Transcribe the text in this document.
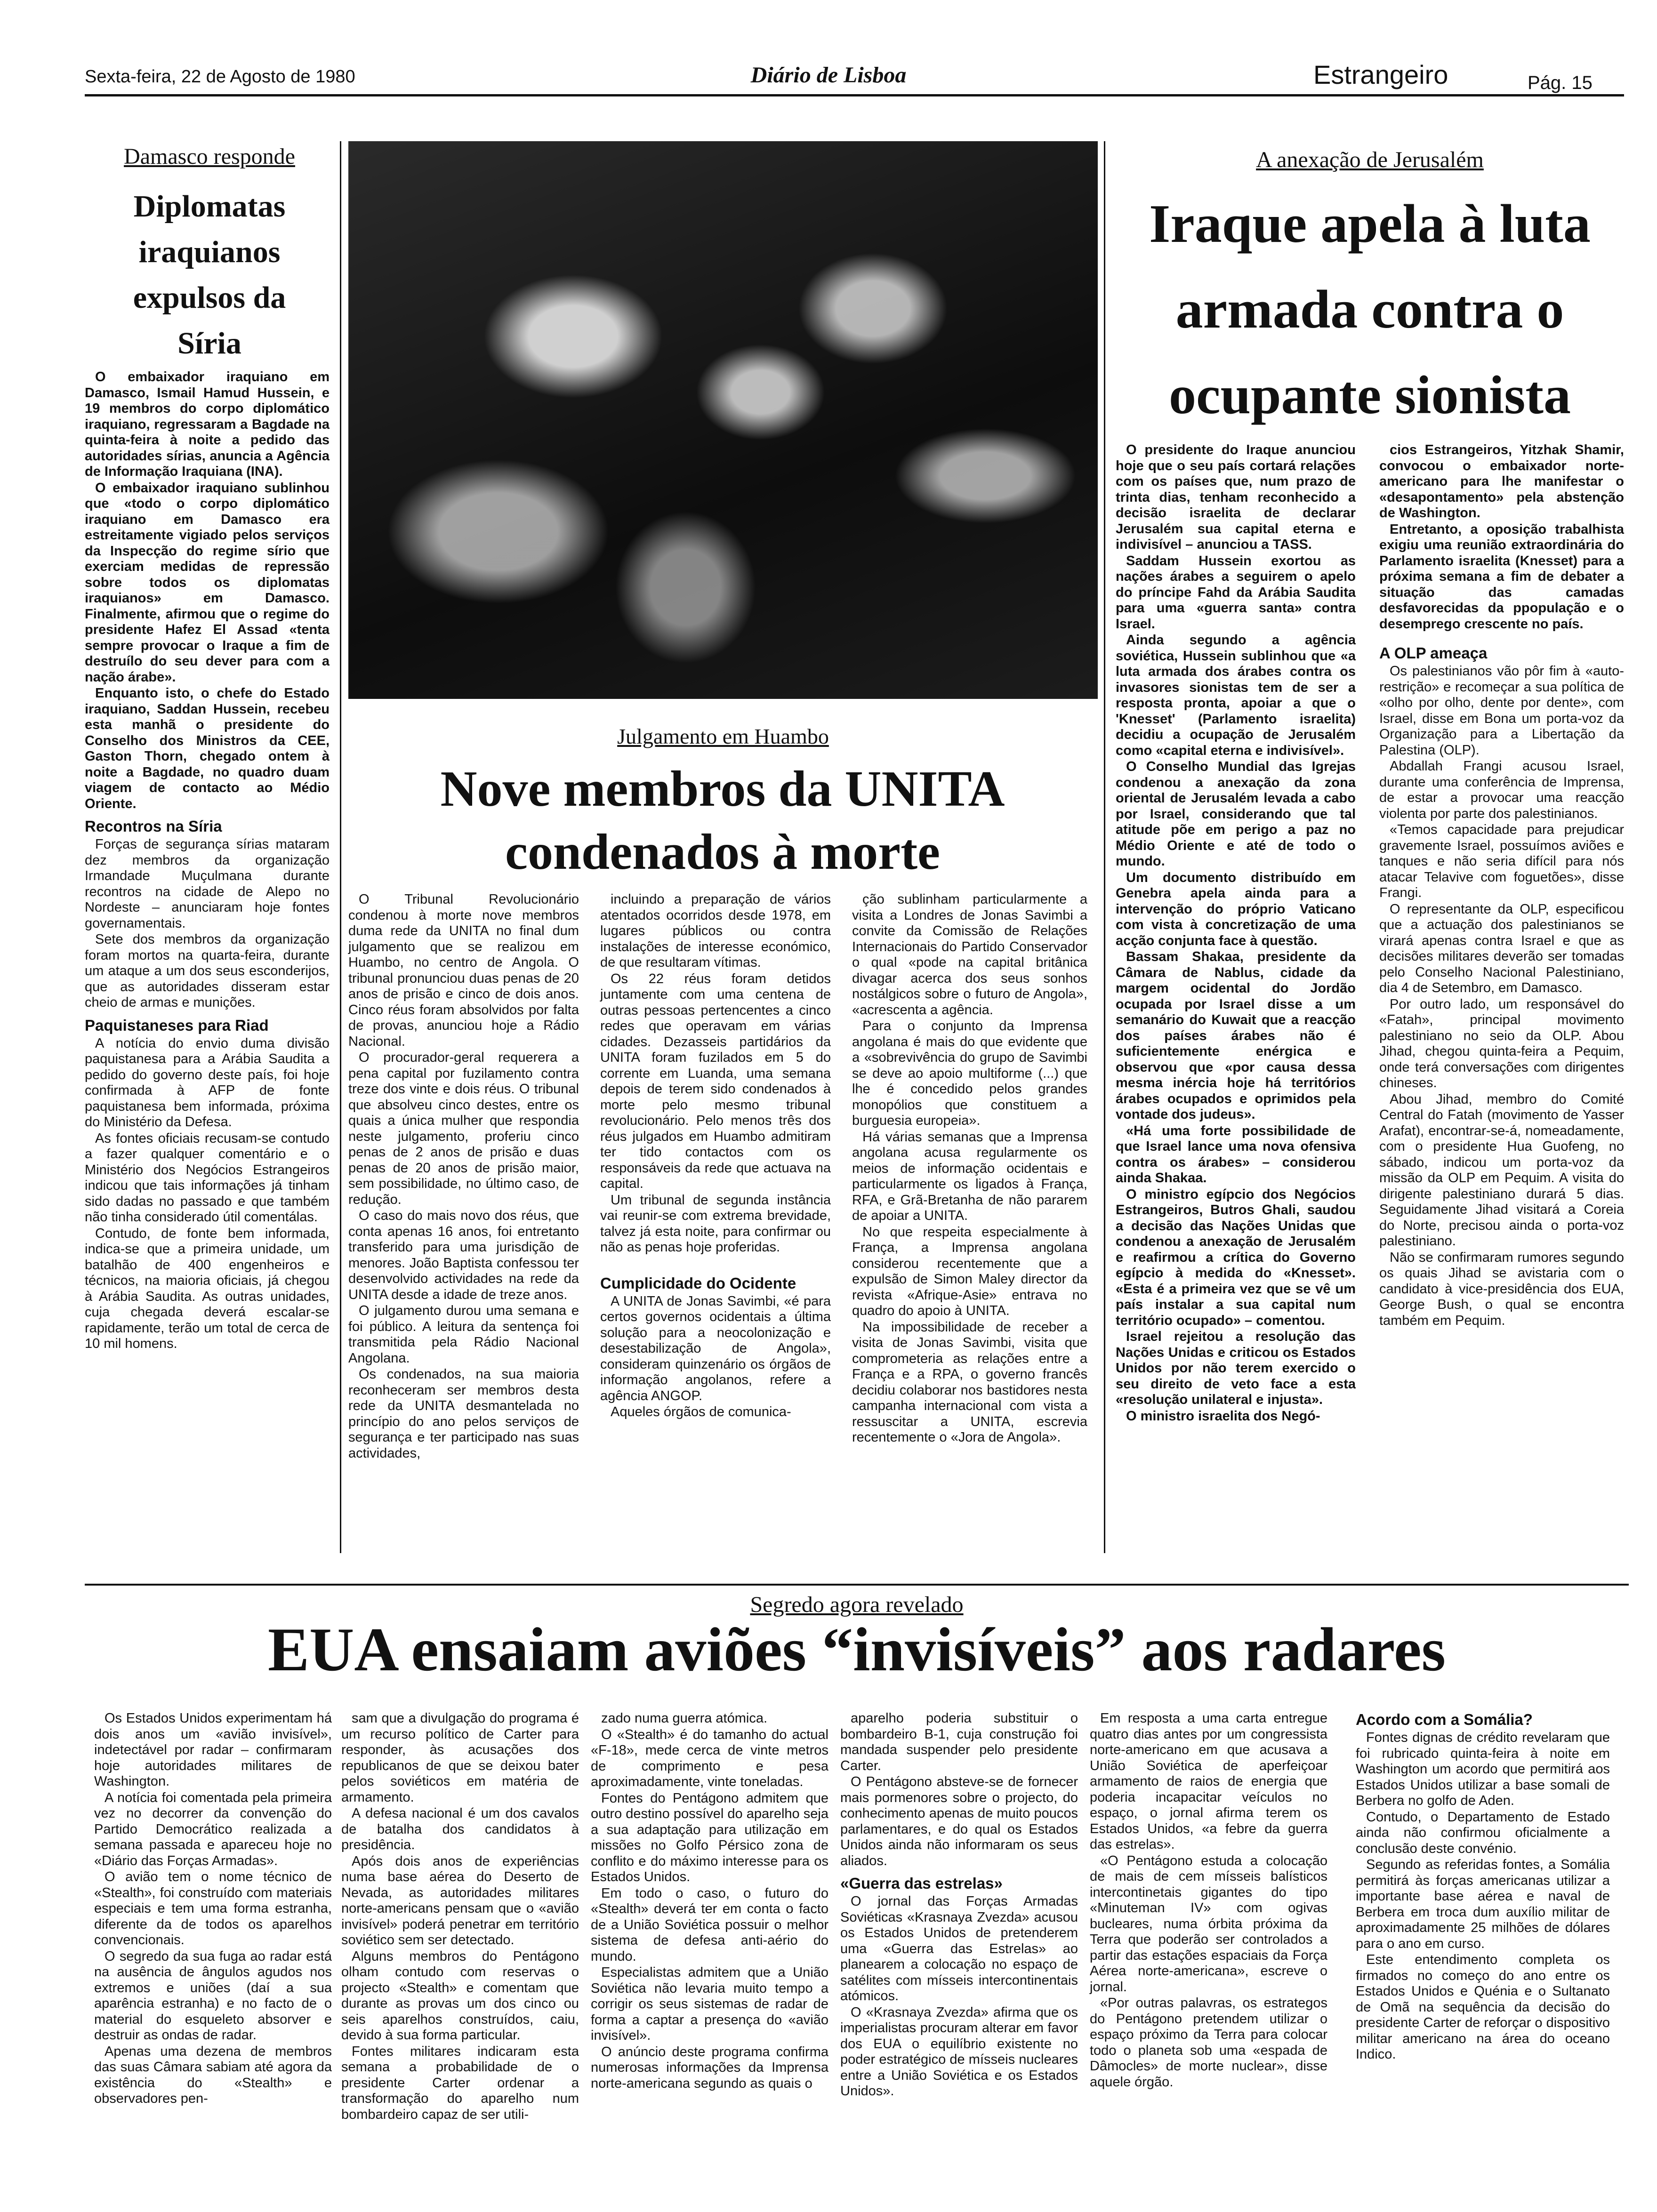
Sexta-feira, 22 de Agosto de 1980	Diário de Lisboa	Estrangeiro	Pág. 15
Damasco responde
Diplomatas iraquianos expulsos da Síria

O embaixador iraquiano em Damasco, Ismail Hamud Hussein, e 19 membros do corpo diplomático iraquiano, regressaram a Bagdade na quinta-feira à noite a pedido das autoridades sírias, anuncia a Agência de Informação Iraquiana (INA).

O embaixador iraquiano sublinhou que «todo o corpo diplomático iraquiano em Damasco era estreitamente vigiado pelos serviços da Inspecção do regime sírio que exerciam medidas de repressão sobre todos os diplomatas iraquianos» em Damasco. Finalmente, afirmou que o regime do presidente Hafez El Assad «tenta sempre provocar o Iraque a fim de destruílo do seu dever para com a nação árabe».

Enquanto isto, o chefe do Estado iraquiano, Saddan Hussein, recebeu esta manhã o presidente do Conselho dos Ministros da CEE, Gaston Thorn, chegado ontem à noite a Bagdade, no quadro duam viagem de contacto ao Médio Oriente.

Recontros na Síria

Forças de segurança sírias mataram dez membros da organização Irmandade Muçulmana durante recontros na cidade de Alepo no Nordeste – anunciaram hoje fontes governamentais.

Sete dos membros da organização foram mortos na quarta-feira, durante um ataque a um dos seus esconderijos, que as autoridades disseram estar cheio de armas e munições.

Paquistaneses para Riad

A notícia do envio duma divisão paquistanesa para a Arábia Saudita a pedido do governo deste país, foi hoje confirmada à AFP de fonte paquistanesa bem informada, próxima do Ministério da Defesa.

As fontes oficiais recusam-se contudo a fazer qualquer comentário e o Ministério dos Negócios Estrangeiros indicou que tais informações já tinham sido dadas no passado e que também não tinha considerado útil comentálas.

Contudo, de fonte bem informada, indica-se que a primeira unidade, um batalhão de 400 engenheiros e técnicos, na maioria oficiais, já chegou à Arábia Saudita. As outras unidades, cuja chegada deverá escalar-se rapidamente, terão um total de cerca de 10 mil homens.

Julgamento em Huambo
Nove membros da UNITA condenados à morte

O Tribunal Revolucionário condenou à morte nove membros duma rede da UNITA no final dum julgamento que se realizou em Huambo, no centro de Angola. O tribunal pronunciou duas penas de 20 anos de prisão e cinco de dois anos. Cinco réus foram absolvidos por falta de provas, anunciou hoje a Rádio Nacional.

O procurador-geral requerera a pena capital por fuzilamento contra treze dos vinte e dois réus. O tribunal que absolveu cinco destes, entre os quais a única mulher que respondia neste julgamento, proferiu cinco penas de 2 anos de prisão e duas penas de 20 anos de prisão maior, sem possibilidade, no último caso, de redução.

O caso do mais novo dos réus, que conta apenas 16 anos, foi entretanto transferido para uma jurisdição de menores. João Baptista confessou ter desenvolvido actividades na rede da UNITA desde a idade de treze anos.

O julgamento durou uma semana e foi público. A leitura da sentença foi transmitida pela Rádio Nacional Angolana.

Os condenados, na sua maioria reconheceram ser membros desta rede da UNITA desmantelada no princípio do ano pelos serviços de segurança e ter participado nas suas actividades,

incluindo a preparação de vários atentados ocorridos desde 1978, em lugares públicos ou contra instalações de interesse económico, de que resultaram vítimas.

Os 22 réus foram detidos juntamente com uma centena de outras pessoas pertencentes a cinco redes que operavam em várias cidades. Dezasseis partidários da UNITA foram fuzilados em 5 do corrente em Luanda, uma semana depois de terem sido condenados à morte pelo mesmo tribunal revolucionário. Pelo menos três dos réus julgados em Huambo admitiram ter tido contactos com os responsáveis da rede que actuava na capital.

Um tribunal de segunda instância vai reunir-se com extrema brevidade, talvez já esta noite, para confirmar ou não as penas hoje proferidas.

Cumplicidade do Ocidente

A UNITA de Jonas Savimbi, «é para certos governos ocidentais a última solução para a neocolonização e desestabilização de Angola», consideram quinzenário os órgãos de informação angolanos, refere a agência ANGOP.

Aqueles órgãos de comunica-

ção sublinham particularmente a visita a Londres de Jonas Savimbi a convite da Comissão de Relações Internacionais do Partido Conservador o qual «pode na capital britânica divagar acerca dos seus sonhos nostálgicos sobre o futuro de Angola», «acrescenta a agência.

Para o conjunto da Imprensa angolana é mais do que evidente que a «sobrevivência do grupo de Savimbi se deve ao apoio multiforme (...) que lhe é concedido pelos grandes monopólios que constituem a burguesia europeia».

Há várias semanas que a Imprensa angolana acusa regularmente os meios de informação ocidentais e particularmente os ligados à França, RFA, e Grã-Bretanha de não pararem de apoiar a UNITA.

No que respeita especialmente à França, a Imprensa angolana considerou recentemente que a expulsão de Simon Maley director da revista «Afrique-Asie» entrava no quadro do apoio à UNITA.

Na impossibilidade de receber a visita de Jonas Savimbi, visita que comprometeria as relações entre a França e a RPA, o governo francês decidiu colaborar nos bastidores nesta campanha internacional com vista a ressuscitar a UNITA, escrevia recentemente o «Jora de Angola».

A anexação de Jerusalém
Iraque apela à luta armada contra o ocupante sionista

O presidente do Iraque anunciou hoje que o seu país cortará relações com os países que, num prazo de trinta dias, tenham reconhecido a decisão israelita de declarar Jerusalém sua capital eterna e indivisível – anunciou a TASS.

Saddam Hussein exortou as nações árabes a seguirem o apelo do príncipe Fahd da Arábia Saudita para uma «guerra santa» contra Israel.

Ainda segundo a agência soviética, Hussein sublinhou que «a luta armada dos árabes contra os invasores sionistas tem de ser a resposta pronta, apoiar a que o 'Knesset' (Parlamento israelita) decidiu a ocupação de Jerusalém como «capital eterna e indivisível».

O Conselho Mundial das Igrejas condenou a anexação da zona oriental de Jerusalém levada a cabo por Israel, considerando que tal atitude põe em perigo a paz no Médio Oriente e até de todo o mundo.

Um documento distribuído em Genebra apela ainda para a intervenção do próprio Vaticano com vista à concretização de uma acção conjunta face à questão.

Bassam Shakaa, presidente da Câmara de Nablus, cidade da margem ocidental do Jordão ocupada por Israel disse a um semanário do Kuwait que a reacção dos países árabes não é suficientemente enérgica e observou que «por causa dessa mesma inércia hoje há territórios árabes ocupados e oprimidos pela vontade dos judeus».

«Há uma forte possibilidade de que Israel lance uma nova ofensiva contra os árabes» – considerou ainda Shakaa.

O ministro egípcio dos Negócios Estrangeiros, Butros Ghali, saudou a decisão das Nações Unidas que condenou a anexação de Jerusalém e reafirmou a crítica do Governo egípcio à medida do «Knesset». «Esta é a primeira vez que se vê um país instalar a sua capital num território ocupado» – comentou.

Israel rejeitou a resolução das Nações Unidas e criticou os Estados Unidos por não terem exercido o seu direito de veto face a esta «resolução unilateral e injusta».

O ministro israelita dos Negó-

cios Estrangeiros, Yitzhak Shamir, convocou o embaixador norte-americano para lhe manifestar o «desapontamento» pela abstenção de Washington.

Entretanto, a oposição trabalhista exigiu uma reunião extraordinária do Parlamento israelita (Knesset) para a próxima semana a fim de debater a situação das camadas desfavorecidas da ppopulação e o desemprego crescente no país.

A OLP ameaça

Os palestinianos vão pôr fim à «auto-restrição» e recomeçar a sua política de «olho por olho, dente por dente», com Israel, disse em Bona um porta-voz da Organização para a Libertação da Palestina (OLP).

Abdallah Frangi acusou Israel, durante uma conferência de Imprensa, de estar a provocar uma reacção violenta por parte dos palestinianos.

«Temos capacidade para prejudicar gravemente Israel, possuímos aviões e tanques e não seria difícil para nós atacar Telavive com foguetões», disse Frangi.

O representante da OLP, especificou que a actuação dos palestinianos se virará apenas contra Israel e que as decisões militares deverão ser tomadas pelo Conselho Nacional Palestiniano, dia 4 de Setembro, em Damasco.

Por outro lado, um responsável do «Fatah», principal movimento palestiniano no seio da OLP. Abou Jihad, chegou quinta-feira a Pequim, onde terá conversações com dirigentes chineses.

Abou Jihad, membro do Comité Central do Fatah (movimento de Yasser Arafat), encontrar-se-á, nomeadamente, com o presidente Hua Guofeng, no sábado, indicou um porta-voz da missão da OLP em Pequim. A visita do dirigente palestiniano durará 5 dias. Seguidamente Jihad visitará a Coreia do Norte, precisou ainda o porta-voz palestiniano.

Não se confirmaram rumores segundo os quais Jihad se avistaria com o candidato à vice-presidência dos EUA, George Bush, o qual se encontra também em Pequim.

Segredo agora revelado
EUA ensaiam aviões “invisíveis” aos radares

Os Estados Unidos experimentam há dois anos um «avião invisível», indetectável por radar – confirmaram hoje autoridades militares de Washington.

A notícia foi comentada pela primeira vez no decorrer da convenção do Partido Democrático realizada a semana passada e apareceu hoje no «Diário das Forças Armadas».

O avião tem o nome técnico de «Stealth», foi construído com materiais especiais e tem uma forma estranha, diferente da de todos os aparelhos convencionais.

O segredo da sua fuga ao radar está na ausência de ângulos agudos nos extremos e uniões (daí a sua aparência estranha) e no facto de o material do esqueleto absorver e destruir as ondas de radar.

Apenas uma dezena de membros das suas Câmara sabiam até agora da existência do «Stealth» e observadores pen-

sam que a divulgação do programa é um recurso político de Carter para responder, às acusações dos republicanos de que se deixou bater pelos soviéticos em matéria de armamento.

A defesa nacional é um dos cavalos de batalha dos candidatos à presidência.

Após dois anos de experiências numa base aérea do Deserto de Nevada, as autoridades militares norte-americans pensam que o «avião invisível» poderá penetrar em território soviético sem ser detectado.

Alguns membros do Pentágono olham contudo com reservas o projecto «Stealth» e comentam que durante as provas um dos cinco ou seis aparelhos construídos, caiu, devido à sua forma particular.

Fontes militares indicaram esta semana a probabilidade de o presidente Carter ordenar a transformação do aparelho num bombardeiro capaz de ser utili-

zado numa guerra atómica.

O «Stealth» é do tamanho do actual «F-18», mede cerca de vinte metros de comprimento e pesa aproximadamente, vinte toneladas.

Fontes do Pentágono admitem que outro destino possível do aparelho seja a sua adaptação para utilização em missões no Golfo Pérsico zona de conflito e do máximo interesse para os Estados Unidos.

Em todo o caso, o futuro do «Stealth» deverá ter em conta o facto de a União Soviética possuir o melhor sistema de defesa anti-aério do mundo.

Especialistas admitem que a União Soviética não levaria muito tempo a corrigir os seus sistemas de radar de forma a captar a presença do «avião invisível».

O anúncio deste programa confirma numerosas informações da Imprensa norte-americana segundo as quais o

aparelho poderia substituir o bombardeiro B-1, cuja construção foi mandada suspender pelo presidente Carter.

O Pentágono absteve-se de fornecer mais pormenores sobre o projecto, do conhecimento apenas de muito poucos parlamentares, e do qual os Estados Unidos ainda não informaram os seus aliados.

«Guerra das estrelas»

O jornal das Forças Armadas Soviéticas «Krasnaya Zvezda» acusou os Estados Unidos de pretenderem uma «Guerra das Estrelas» ao planearem a colocação no espaço de satélites com mísseis intercontinentais atómicos.

O «Krasnaya Zvezda» afirma que os imperialistas procuram alterar em favor dos EUA o equilíbrio existente no poder estratégico de mísseis nucleares entre a União Soviética e os Estados Unidos».

Em resposta a uma carta entregue quatro dias antes por um congressista norte-americano em que acusava a União Soviética de aperfeiçoar armamento de raios de energia que poderia incapacitar veículos no espaço, o jornal afirma terem os Estados Unidos, «a febre da guerra das estrelas».

«O Pentágono estuda a colocação de mais de cem mísseis balísticos intercontinetais gigantes do tipo «Minuteman IV» com ogivas bucleares, numa órbita próxima da Terra que poderão ser controlados a partir das estações espaciais da Força Aérea norte-americana», escreve o jornal.

«Por outras palavras, os estrategos do Pentágono pretendem utilizar o espaço próximo da Terra para colocar todo o planeta sob uma «espada de Dâmocles» de morte nuclear», disse aquele órgão.

Acordo com a Somália?

Fontes dignas de crédito revelaram que foi rubricado quinta-feira à noite em Washington um acordo que permitirá aos Estados Unidos utilizar a base somali de Berbera no golfo de Aden.

Contudo, o Departamento de Estado ainda não confirmou oficialmente a conclusão deste convénio.

Segundo as referidas fontes, a Somália permitirá às forças americanas utilizar a importante base aérea e naval de Berbera em troca dum auxílio militar de aproximadamente 25 milhões de dólares para o ano em curso.

Este entendimento completa os firmados no começo do ano entre os Estados Unidos e Quénia e o Sultanato de Omã na sequência da decisão do presidente Carter de reforçar o dispositivo militar americano na área do oceano Indico.
